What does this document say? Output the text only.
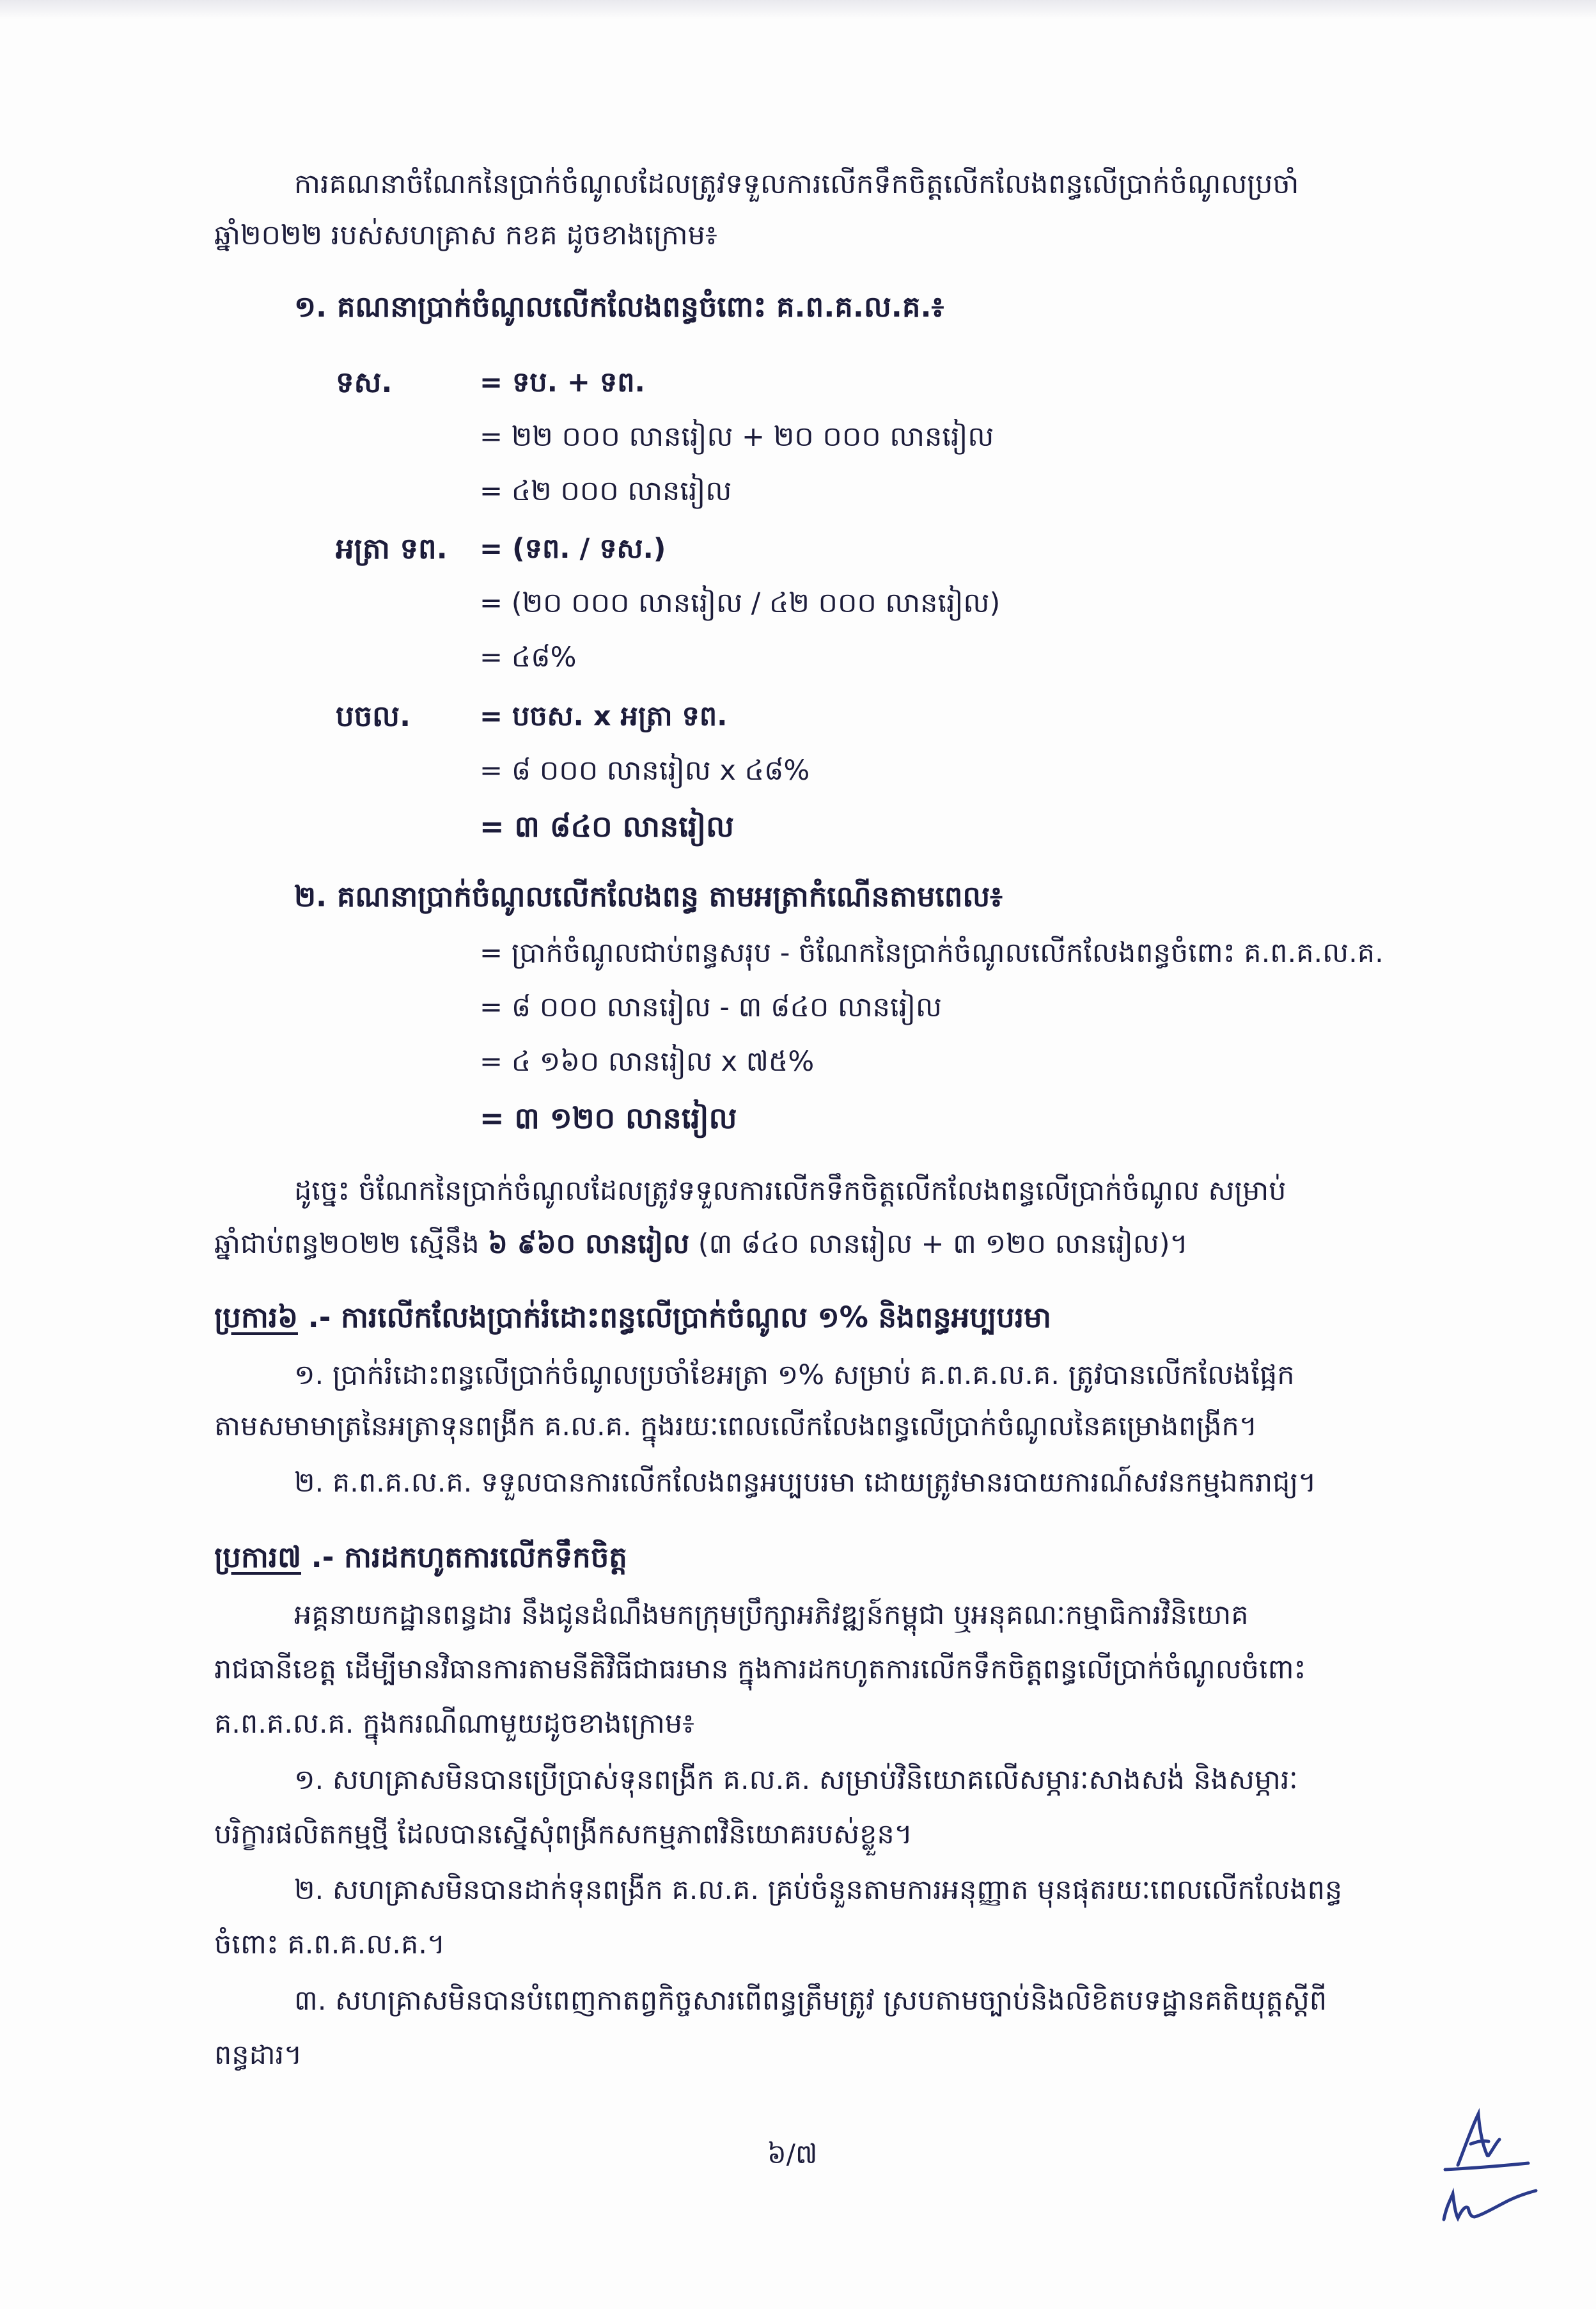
ការគណនាចំណែកនៃប្រាក់ចំណូលដែលត្រូវទទួលការលើកទឹកចិត្តលើកលែងពន្ធលើប្រាក់ចំណូលប្រចាំ
ឆ្នាំ២០២២ របស់សហគ្រាស កខគ ដូចខាងក្រោម៖
១. គណនាប្រាក់ចំណូលលើកលែងពន្ធចំពោះ គ.ព.គ.ល.គ.៖
ទស.	= ទប. + ទព.
= ២២ ០០០ លានរៀល + ២០ ០០០ លានរៀល
= ៤២ ០០០ លានរៀល
អត្រា ទព. = (ទព. / ទស.)
= (២០ ០០០ លានរៀល / ៤២ ០០០ លានរៀល)
= ៤៨%
បចល.	= បចស. x អត្រា ទព.
= ៨ ០០០ លានរៀល x ៤៨%
= ៣ ៨៤០ លានរៀល
២. គណនាប្រាក់ចំណូលលើកលែងពន្ធ តាមអត្រាកំណើនតាមពេល៖
= ប្រាក់ចំណូលជាប់ពន្ធសរុប - ចំណែកនៃប្រាក់ចំណូលលើកលែងពន្ធចំពោះ គ.ព.គ.ល.គ.
= ៨ ០០០ លានរៀល - ៣ ៨៤០ លានរៀល
= ៤ ១៦០ លានរៀល x ៧៥%
= ៣ ១២០ លានរៀល
ដូច្នេះ ចំណែកនៃប្រាក់ចំណូលដែលត្រូវទទួលការលើកទឹកចិត្តលើកលែងពន្ធលើប្រាក់ចំណូល សម្រាប់
ឆ្នាំជាប់ពន្ធ២០២២ ស្មើនឹង ៦ ៩៦០ លានរៀល (៣ ៨៤០ លានរៀល + ៣ ១២០ លានរៀល)។
ប្រការ៦ .- ការលើកលែងប្រាក់រំដោះពន្ធលើប្រាក់ចំណូល ១% និងពន្ធអប្បបរមា
១. ប្រាក់រំដោះពន្ធលើប្រាក់ចំណូលប្រចាំខែអត្រា ១% សម្រាប់ គ.ព.គ.ល.គ. ត្រូវបានលើកលែងផ្អែក
តាមសមាមាត្រនៃអត្រាទុនពង្រីក គ.ល.គ. ក្នុងរយៈពេលលើកលែងពន្ធលើប្រាក់ចំណូលនៃគម្រោងពង្រីក។
២. គ.ព.គ.ល.គ. ទទួលបានការលើកលែងពន្ធអប្បបរមា ដោយត្រូវមានរបាយការណ៍សវនកម្មឯករាជ្យ។
ប្រការ៧ .- ការដកហូតការលើកទឹកចិត្ត
អគ្គនាយកដ្ឋានពន្ធដារ នឹងជូនដំណឹងមកក្រុមប្រឹក្សាអភិវឌ្ឍន៍កម្ពុជា ឬអនុគណៈកម្មាធិការវិនិយោគ
រាជធានីខេត្ត ដើម្បីមានវិធានការតាមនីតិវិធីជាធរមាន ក្នុងការដកហូតការលើកទឹកចិត្តពន្ធលើប្រាក់ចំណូលចំពោះ
គ.ព.គ.ល.គ. ក្នុងករណីណាមួយដូចខាងក្រោម៖
១. សហគ្រាសមិនបានប្រើប្រាស់ទុនពង្រីក គ.ល.គ. សម្រាប់វិនិយោគលើសម្ភារៈសាងសង់ និងសម្ភារៈ
បរិក្ខារផលិតកម្មថ្មី ដែលបានស្នើសុំពង្រីកសកម្មភាពវិនិយោគរបស់ខ្លួន។
២. សហគ្រាសមិនបានដាក់ទុនពង្រីក គ.ល.គ. គ្រប់ចំនួនតាមការអនុញ្ញាត មុនផុតរយៈពេលលើកលែងពន្ធ
ចំពោះ គ.ព.គ.ល.គ.។
៣. សហគ្រាសមិនបានបំពេញកាតព្វកិច្ចសារពើពន្ធត្រឹមត្រូវ ស្របតាមច្បាប់និងលិខិតបទដ្ឋានគតិយុត្តស្តីពី
ពន្ធដារ។
៦/៧
